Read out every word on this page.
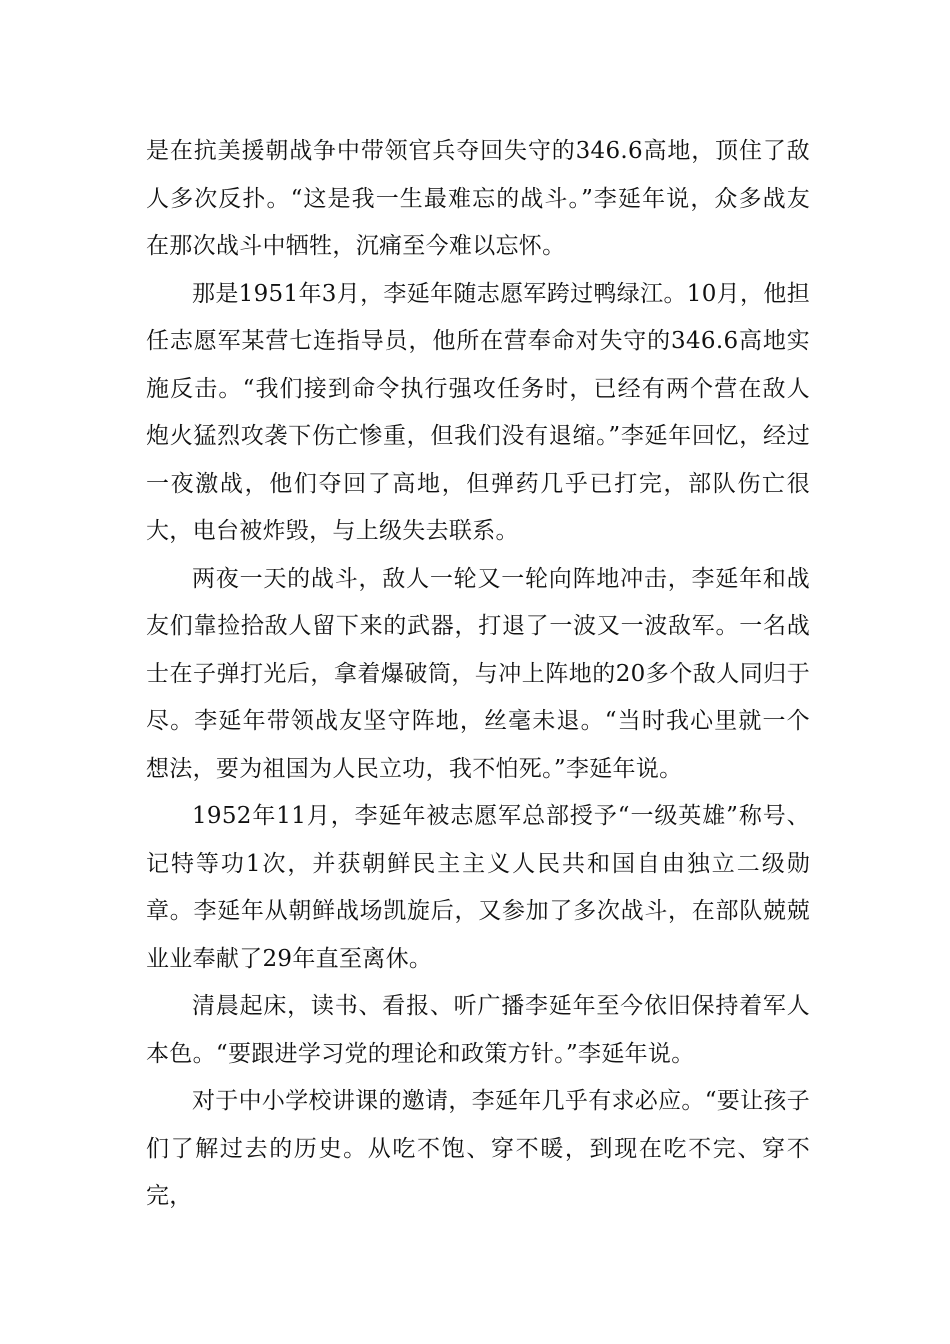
是在抗美援朝战争中带领官兵夺回失守的346.6高地，顶住了敌人多次反扑。“这是我一生最难忘的战斗。”李延年说，众多战友在那次战斗中牺牲，沉痛至今难以忘怀。

那是1951年3月，李延年随志愿军跨过鸭绿江。10月，他担任志愿军某营七连指导员，他所在营奉命对失守的346.6高地实施反击。“我们接到命令执行强攻任务时，已经有两个营在敌人炮火猛烈攻袭下伤亡惨重，但我们没有退缩。”李延年回忆，经过一夜激战，他们夺回了高地，但弹药几乎已打完，部队伤亡很大，电台被炸毁，与上级失去联系。

两夜一天的战斗，敌人一轮又一轮向阵地冲击，李延年和战友们靠捡拾敌人留下来的武器，打退了一波又一波敌军。一名战士在子弹打光后，拿着爆破筒，与冲上阵地的20多个敌人同归于尽。李延年带领战友坚守阵地，丝毫未退。“当时我心里就一个想法，要为祖国为人民立功，我不怕死。”李延年说。

1952年11月，李延年被志愿军总部授予“一级英雄”称号、记特等功1次，并获朝鲜民主主义人民共和国自由独立二级勋章。李延年从朝鲜战场凯旋后，又参加了多次战斗，在部队兢兢业业奉献了29年直至离休。

清晨起床，读书、看报、听广播李延年至今依旧保持着军人本色。“要跟进学习党的理论和政策方针。”李延年说。

对于中小学校讲课的邀请，李延年几乎有求必应。“要让孩子们了解过去的历史。从吃不饱、穿不暖，到现在吃不完、穿不完，
